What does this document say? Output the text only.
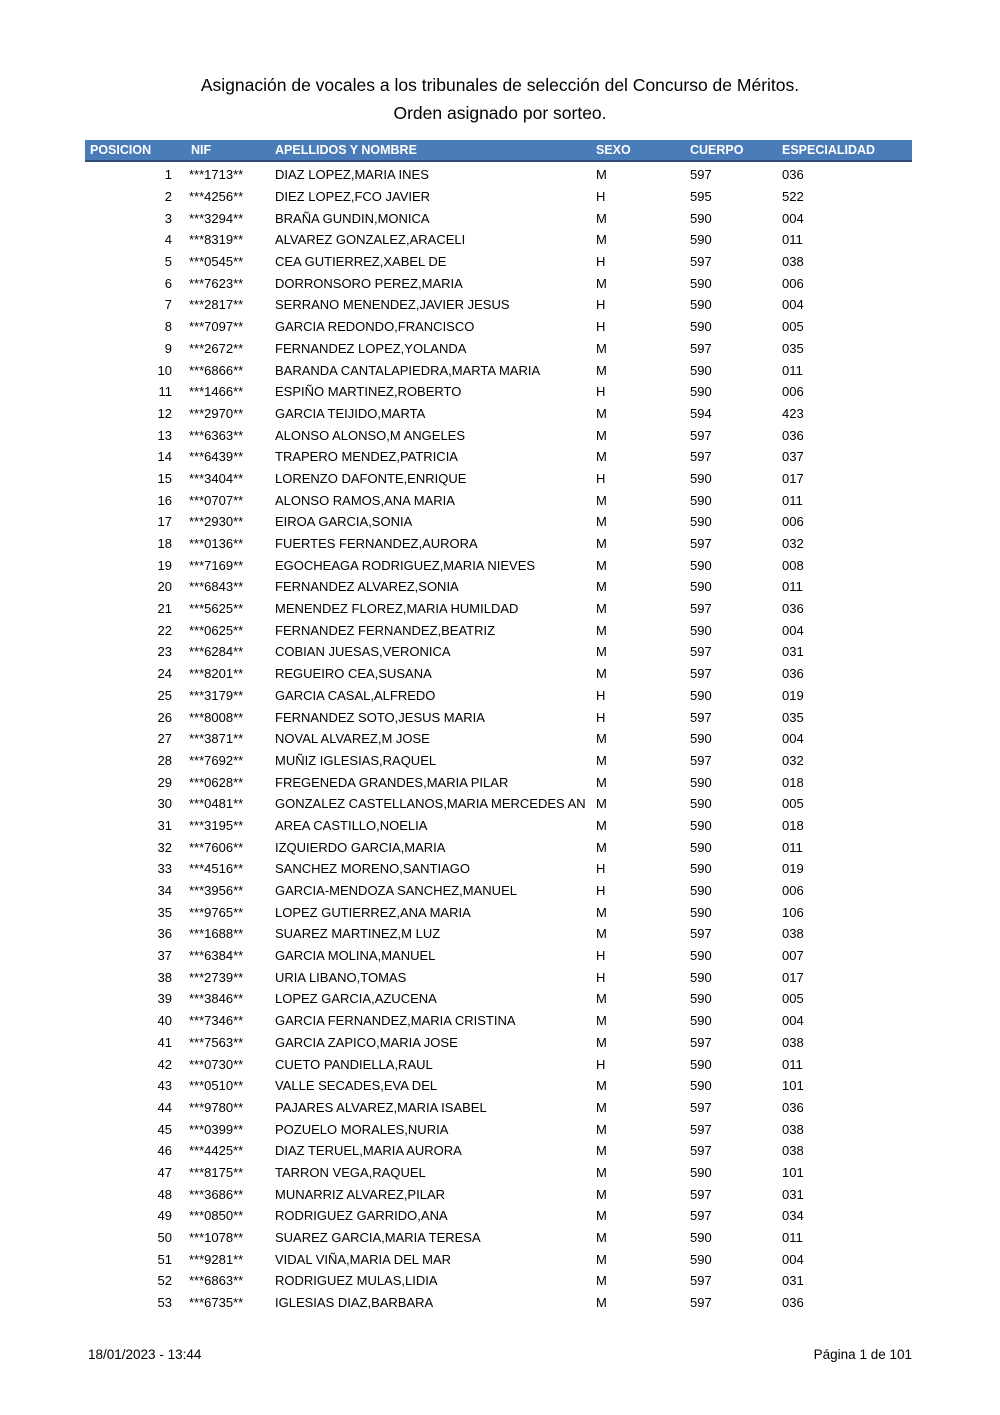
Asignación de vocales a los tribunales de selección del Concurso de Méritos.
Orden asignado por sorteo.
POSICION	NIF	APELLIDOS Y NOMBRE	SEXO	CUERPO	ESPECIALIDAD
1	***1713**	DIAZ LOPEZ,MARIA INES	M	597	036
2	***4256**	DIEZ LOPEZ,FCO JAVIER	H	595	522
3	***3294**	BRAÑA GUNDIN,MONICA	M	590	004
4	***8319**	ALVAREZ GONZALEZ,ARACELI	M	590	011
5	***0545**	CEA GUTIERREZ,XABEL DE	H	597	038
6	***7623**	DORRONSORO PEREZ,MARIA	M	590	006
7	***2817**	SERRANO MENENDEZ,JAVIER JESUS	H	590	004
8	***7097**	GARCIA REDONDO,FRANCISCO	H	590	005
9	***2672**	FERNANDEZ LOPEZ,YOLANDA	M	597	035
10	***6866**	BARANDA CANTALAPIEDRA,MARTA MARIA	M	590	011
11	***1466**	ESPIÑO MARTINEZ,ROBERTO	H	590	006
12	***2970**	GARCIA TEIJIDO,MARTA	M	594	423
13	***6363**	ALONSO ALONSO,M ANGELES	M	597	036
14	***6439**	TRAPERO MENDEZ,PATRICIA	M	597	037
15	***3404**	LORENZO DAFONTE,ENRIQUE	H	590	017
16	***0707**	ALONSO RAMOS,ANA MARIA	M	590	011
17	***2930**	EIROA GARCIA,SONIA	M	590	006
18	***0136**	FUERTES FERNANDEZ,AURORA	M	597	032
19	***7169**	EGOCHEAGA RODRIGUEZ,MARIA NIEVES	M	590	008
20	***6843**	FERNANDEZ ALVAREZ,SONIA	M	590	011
21	***5625**	MENENDEZ FLOREZ,MARIA HUMILDAD	M	597	036
22	***0625**	FERNANDEZ FERNANDEZ,BEATRIZ	M	590	004
23	***6284**	COBIAN JUESAS,VERONICA	M	597	031
24	***8201**	REGUEIRO CEA,SUSANA	M	597	036
25	***3179**	GARCIA CASAL,ALFREDO	H	590	019
26	***8008**	FERNANDEZ SOTO,JESUS MARIA	H	597	035
27	***3871**	NOVAL ALVAREZ,M JOSE	M	590	004
28	***7692**	MUÑIZ IGLESIAS,RAQUEL	M	597	032
29	***0628**	FREGENEDA GRANDES,MARIA PILAR	M	590	018
30	***0481**	GONZALEZ CASTELLANOS,MARIA MERCEDES AN M	590	005
31	***3195**	AREA CASTILLO,NOELIA	M	590	018
32	***7606**	IZQUIERDO GARCIA,MARIA	M	590	011
33	***4516**	SANCHEZ MORENO,SANTIAGO	H	590	019
34	***3956**	GARCIA-MENDOZA SANCHEZ,MANUEL	H	590	006
35	***9765**	LOPEZ GUTIERREZ,ANA MARIA	M	590	106
36	***1688**	SUAREZ MARTINEZ,M LUZ	M	597	038
37	***6384**	GARCIA MOLINA,MANUEL	H	590	007
38	***2739**	URIA LIBANO,TOMAS	H	590	017
39	***3846**	LOPEZ GARCIA,AZUCENA	M	590	005
40	***7346**	GARCIA FERNANDEZ,MARIA CRISTINA	M	590	004
41	***7563**	GARCIA ZAPICO,MARIA JOSE	M	597	038
42	***0730**	CUETO PANDIELLA,RAUL	H	590	011
43	***0510**	VALLE SECADES,EVA DEL	M	590	101
44	***9780**	PAJARES ALVAREZ,MARIA ISABEL	M	597	036
45	***0399**	POZUELO MORALES,NURIA	M	597	038
46	***4425**	DIAZ TERUEL,MARIA AURORA	M	597	038
47	***8175**	TARRON VEGA,RAQUEL	M	590	101
48	***3686**	MUNARRIZ ALVAREZ,PILAR	M	597	031
49	***0850**	RODRIGUEZ GARRIDO,ANA	M	597	034
50	***1078**	SUAREZ GARCIA,MARIA TERESA	M	590	011
51	***9281**	VIDAL VIÑA,MARIA DEL MAR	M	590	004
52	***6863**	RODRIGUEZ MULAS,LIDIA	M	597	031
53	***6735**	IGLESIAS DIAZ,BARBARA	M	597	036
18/01/2023 - 13:44	Página 1 de 101
